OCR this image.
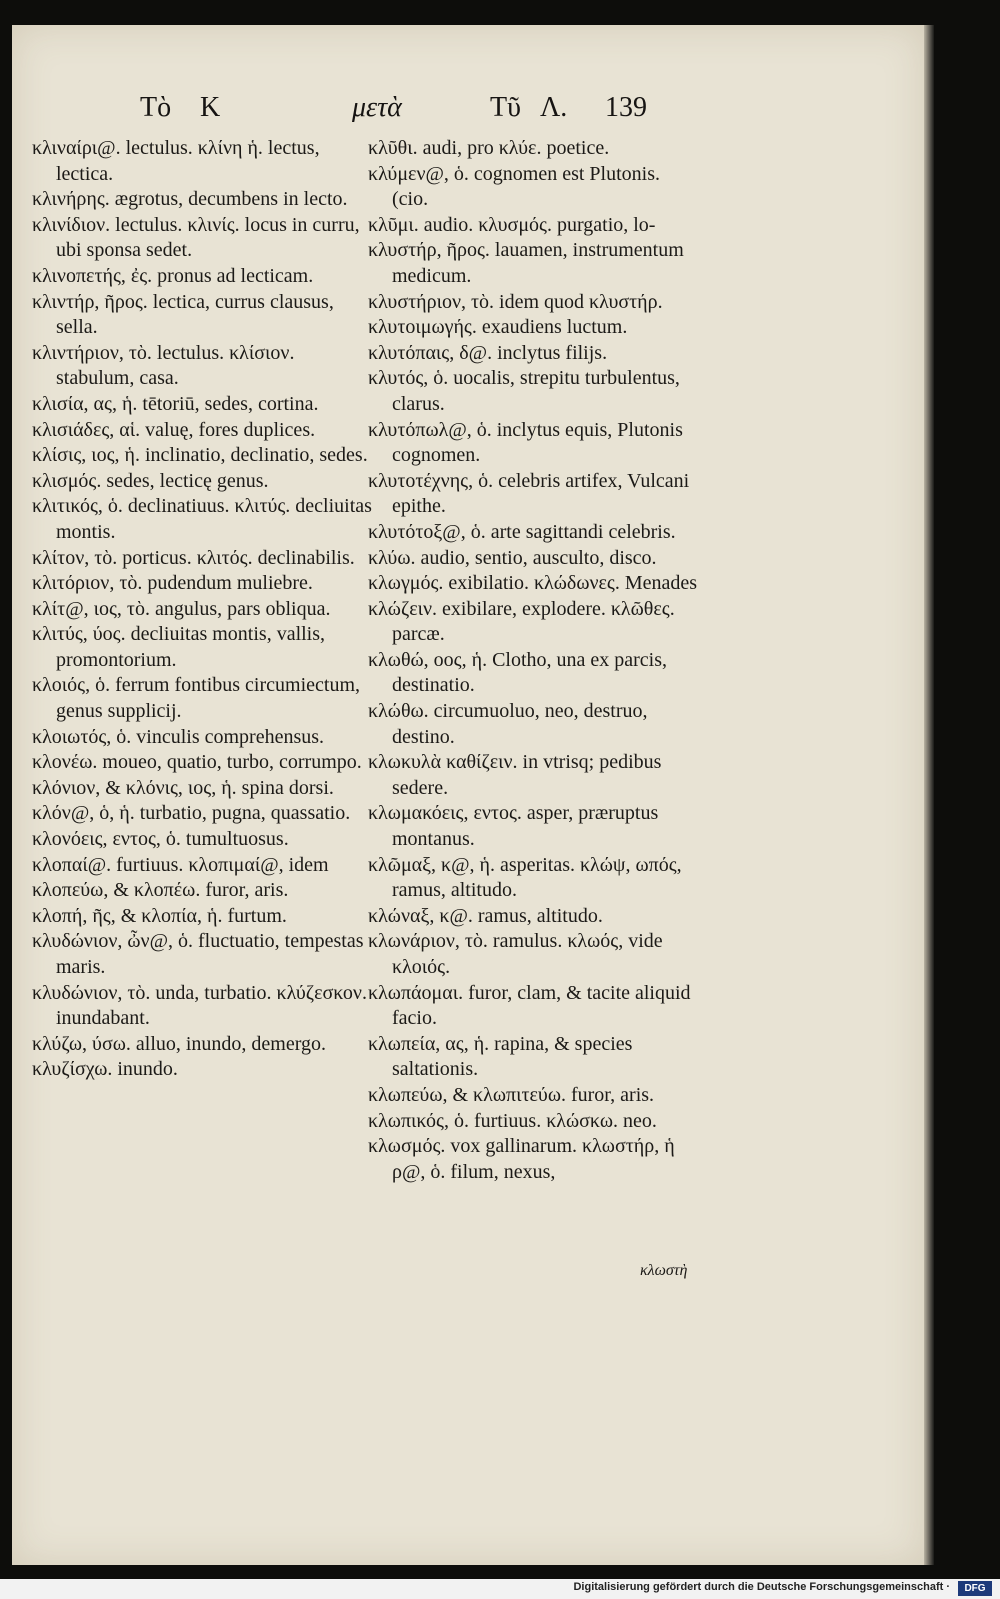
Τὸ K	μετὰ	Τῦ Λ. 139

κλιναίρι@. lectulus. κλίνη ἡ. lectus, lectica.

κλινήρης. ægrotus, decumbens in lecto.

κλινίδιον. lectulus. κλινίς. locus in curru, ubi sponsa sedet.

κλινοπετής, ἐς. pronus ad lecticam.

κλιντήρ, ῆρος. lectica, currus clausus, sella.

κλιντήριον, τὸ. lectulus. κλίσιον. stabulum, casa.

κλισία, ας, ἡ. tētoriū, sedes, cortina.

κλισιάδες, αἱ. valuę, fores duplices.

κλίσις, ιος, ἡ. inclinatio, declinatio, sedes.

κλισμός. sedes, lecticę genus.

κλιτικός, ὁ. declinatiuus. κλιτύς. decliuitas montis.

κλίτον, τὸ. porticus. κλιτός. declinabilis.

κλιτόριον, τὸ. pudendum muliebre.

κλίτ@, ιος, τὸ. angulus, pars obliqua.

κλιτύς, ύος. decliuitas montis, vallis, promontorium.

κλοιός, ὁ. ferrum fontibus circumiectum, genus supplicij.

κλοιωτός, ὁ. vinculis comprehensus.

κλονέω. moueo, quatio, turbo, corrumpo.

κλόνιον, & κλόνις, ιος, ἡ. spina dorsi.

κλόν@, ὁ, ἡ. turbatio, pugna, quassatio.

κλονόεις, εντος, ὁ. tumultuosus.

κλοπαί@. furtiuus. κλοπιμαί@, idem

κλοπεύω, & κλοπέω. furor, aris.

κλοπή, ῆς, & κλοπία, ἡ. furtum.

κλυδώνιον, ὦν@, ὁ. fluctuatio, tempestas maris.

κλυδώνιον, τὸ. unda, turbatio. κλύζεσκον. inundabant.

κλύζω, ύσω. alluo, inundo, demergo.

κλυζίσχω. inundo.

κλῦθι. audi, pro κλύε. poetice.

κλύμεν@, ὁ. cognomen est Plutonis. (cio.

κλῦμι. audio. κλυσμός. purgatio, lo-

κλυστήρ, ῆρος. lauamen, instrumentum medicum.

κλυστήριον, τὸ. idem quod κλυστήρ.

κλυτοιμωγής. exaudiens luctum.

κλυτόπαις, δ@. inclytus filijs.

κλυτός, ὁ. uocalis, strepitu turbulentus, clarus.

κλυτόπωλ@, ὁ. inclytus equis, Plutonis cognomen.

κλυτοτέχνης, ὁ. celebris artifex, Vulcani epithe.

κλυτότοξ@, ὁ. arte sagittandi celebris.

κλύω. audio, sentio, ausculto, disco.

κλωγμός. exibilatio. κλώδωνες. Menades

κλώζειν. exibilare, explodere. κλῶθες. parcæ.

κλωθώ, οος, ἡ. Clotho, una ex parcis, destinatio.

κλώθω. circumuoluo, neo, destruo, destino.

κλωκυλὰ καθίζειν. in vtrisq; pedibus sedere.

κλωμακόεις, εντος. asper, præruptus montanus.

κλῶμαξ, κ@, ἡ. asperitas. κλώψ, ωπός, ramus, altitudo.

κλώναξ, κ@. ramus, altitudo.

κλωνάριον, τὸ. ramulus. κλωός, vide κλοιός.

κλωπάομαι. furor, clam, & tacite aliquid facio.

κλωπεία, ας, ἡ. rapina, & species saltationis.

κλωπεύω, & κλωπιτεύω. furor, aris.

κλωπικός, ὁ. furtiuus. κλώσκω. neo.

κλωσμός. vox gallinarum. κλωστήρ, ἡ ρ@, ὁ. filum, nexus,

κλωστὴ
Digitalisierung gefördert durch die Deutsche Forschungsgemeinschaft ·	DFG
